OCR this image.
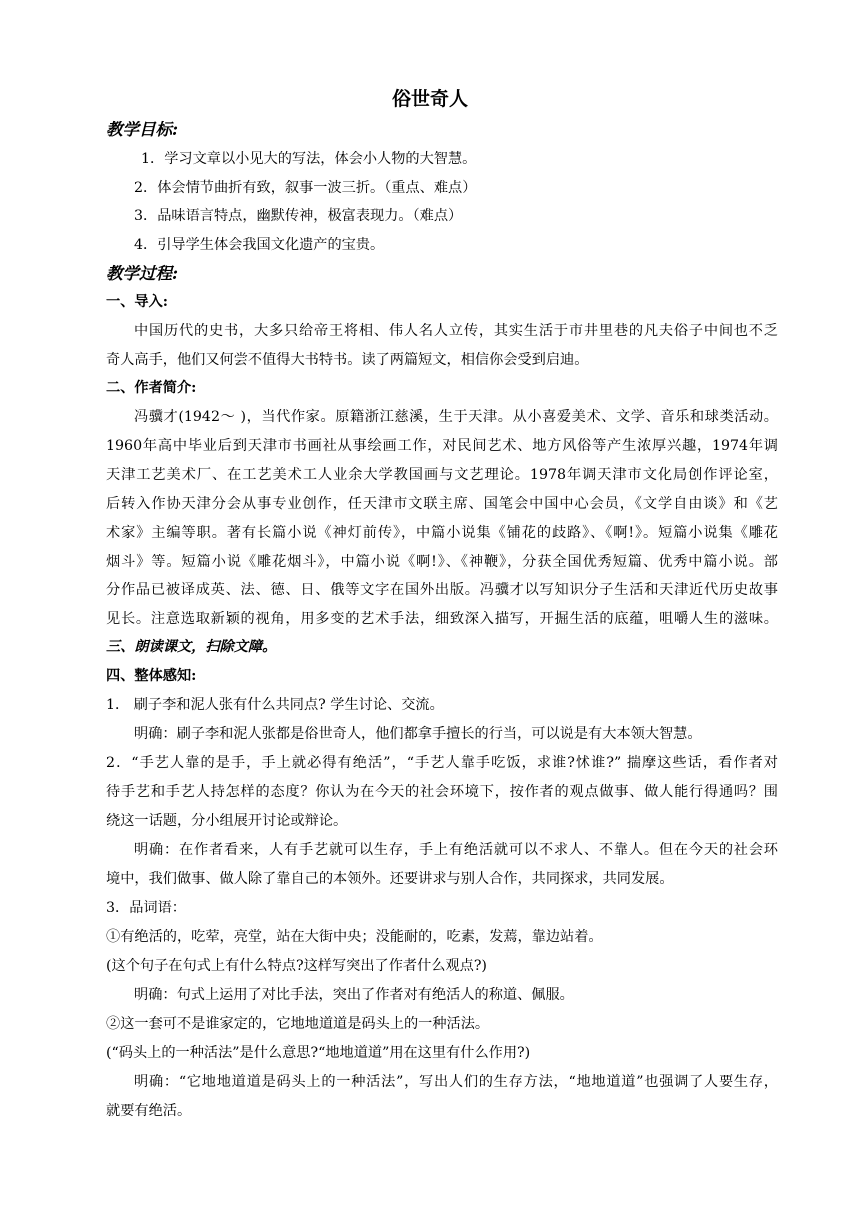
俗世奇人
教学目标:
1．学习文章以小见大的写法，体会小人物的大智慧。
2．体会情节曲折有致，叙事一波三折。（重点、难点）
3．品味语言特点，幽默传神，极富表现力。（难点）
4．引导学生体会我国文化遗产的宝贵。
教学过程:
一、导入:
中国历代的史书，大多只给帝王将相、伟人名人立传，其实生活于市井里巷的凡夫俗子中间也不乏
奇人高手，他们又何尝不值得大书特书。读了两篇短文，相信你会受到启迪。
二、作者简介:
冯骥才(1942～ )，当代作家。原籍浙江慈溪，生于天津。从小喜爱美术、文学、音乐和球类活动。
1960年高中毕业后到天津市书画社从事绘画工作，对民间艺术、地方风俗等产生浓厚兴趣，1974年调
天津工艺美术厂、在工艺美术工人业余大学教国画与文艺理论。1978年调天津市文化局创作评论室，
后转入作协天津分会从事专业创作，任天津市文联主席、国笔会中国中心会员，《文学自由谈》和《艺
术家》主编等职。著有长篇小说《神灯前传》，中篇小说集《铺花的歧路》、《啊!》。短篇小说集《雕花
烟斗》等。短篇小说《雕花烟斗》，中篇小说《啊!》、《神鞭》，分获全国优秀短篇、优秀中篇小说。部
分作品已被译成英、法、德、日、俄等文字在国外出版。冯骥才以写知识分子生活和天津近代历史故事
见长。注意选取新颖的视角，用多变的艺术手法，细致深入描写，开掘生活的底蕴，咀嚼人生的滋味。
三、朗读课文，扫除文障。
四、整体感知:
1． 刷子李和泥人张有什么共同点? 学生讨论、交流。
明确：刷子李和泥人张都是俗世奇人，他们都拿手擅长的行当，可以说是有大本领大智慧。
2．“手艺人靠的是手，手上就必得有绝活”，“手艺人靠手吃饭，求谁?怵谁?” 揣摩这些话，看作者对
待手艺和手艺人持怎样的态度？你认为在今天的社会环境下，按作者的观点做事、做人能行得通吗？围
绕这一话题，分小组展开讨论或辩论。
明确：在作者看来，人有手艺就可以生存，手上有绝活就可以不求人、不靠人。但在今天的社会环
境中，我们做事、做人除了靠自己的本领外。还要讲求与别人合作，共同探求，共同发展。
3．品词语：
①有绝活的，吃荤，亮堂，站在大街中央；没能耐的，吃素，发蔫，靠边站着。
(这个句子在句式上有什么特点?这样写突出了作者什么观点?)
明确：句式上运用了对比手法，突出了作者对有绝活人的称道、佩服。
②这一套可不是谁家定的，它地地道道是码头上的一种活法。
(“码头上的一种活法”是什么意思?“地地道道”用在这里有什么作用?)
明确：“它地地道道是码头上的一种活法”，写出人们的生存方法，“地地道道”也强调了人要生存，
就要有绝活。
